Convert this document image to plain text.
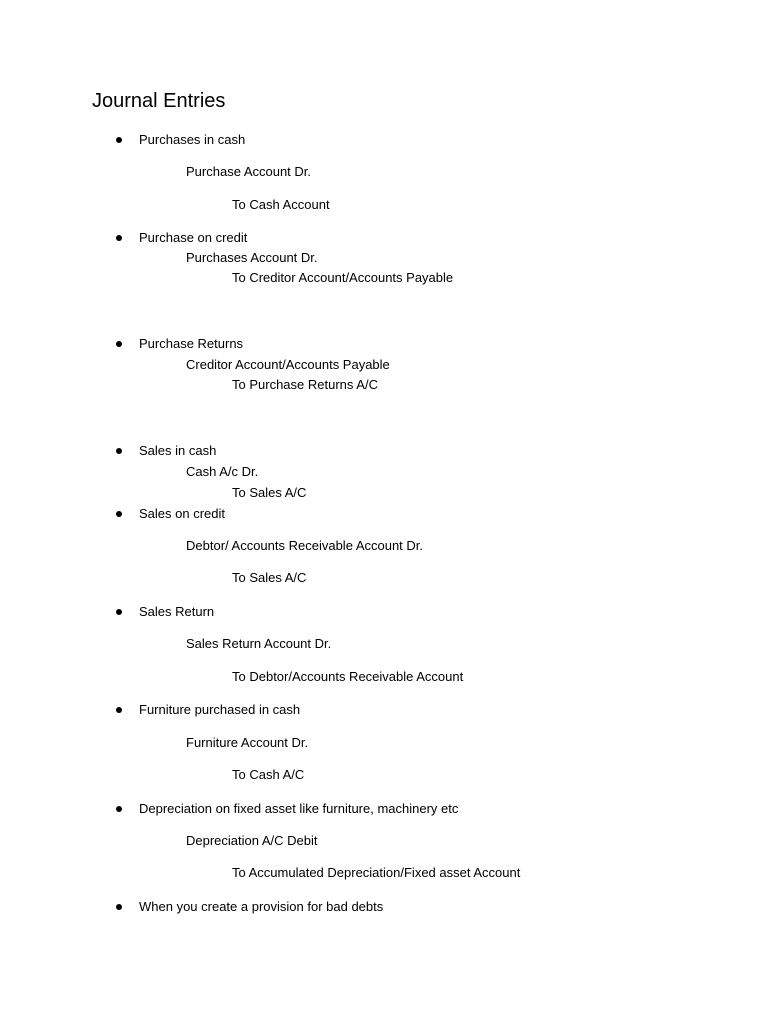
Journal Entries
Purchases in cash
Purchase Account Dr.
To Cash Account
Purchase on credit
Purchases Account Dr.
To Creditor Account/Accounts Payable
Purchase Returns
Creditor Account/Accounts Payable
To Purchase Returns A/C
Sales in cash
Cash A/c Dr.
To Sales A/C
Sales on credit
Debtor/ Accounts Receivable Account Dr.
To Sales A/C
Sales Return
Sales Return Account Dr.
To Debtor/Accounts Receivable Account
Furniture purchased in cash
Furniture Account Dr.
To Cash A/C
Depreciation on fixed asset like furniture, machinery etc
Depreciation A/C Debit
To Accumulated Depreciation/Fixed asset Account
When you create a provision for bad debts
